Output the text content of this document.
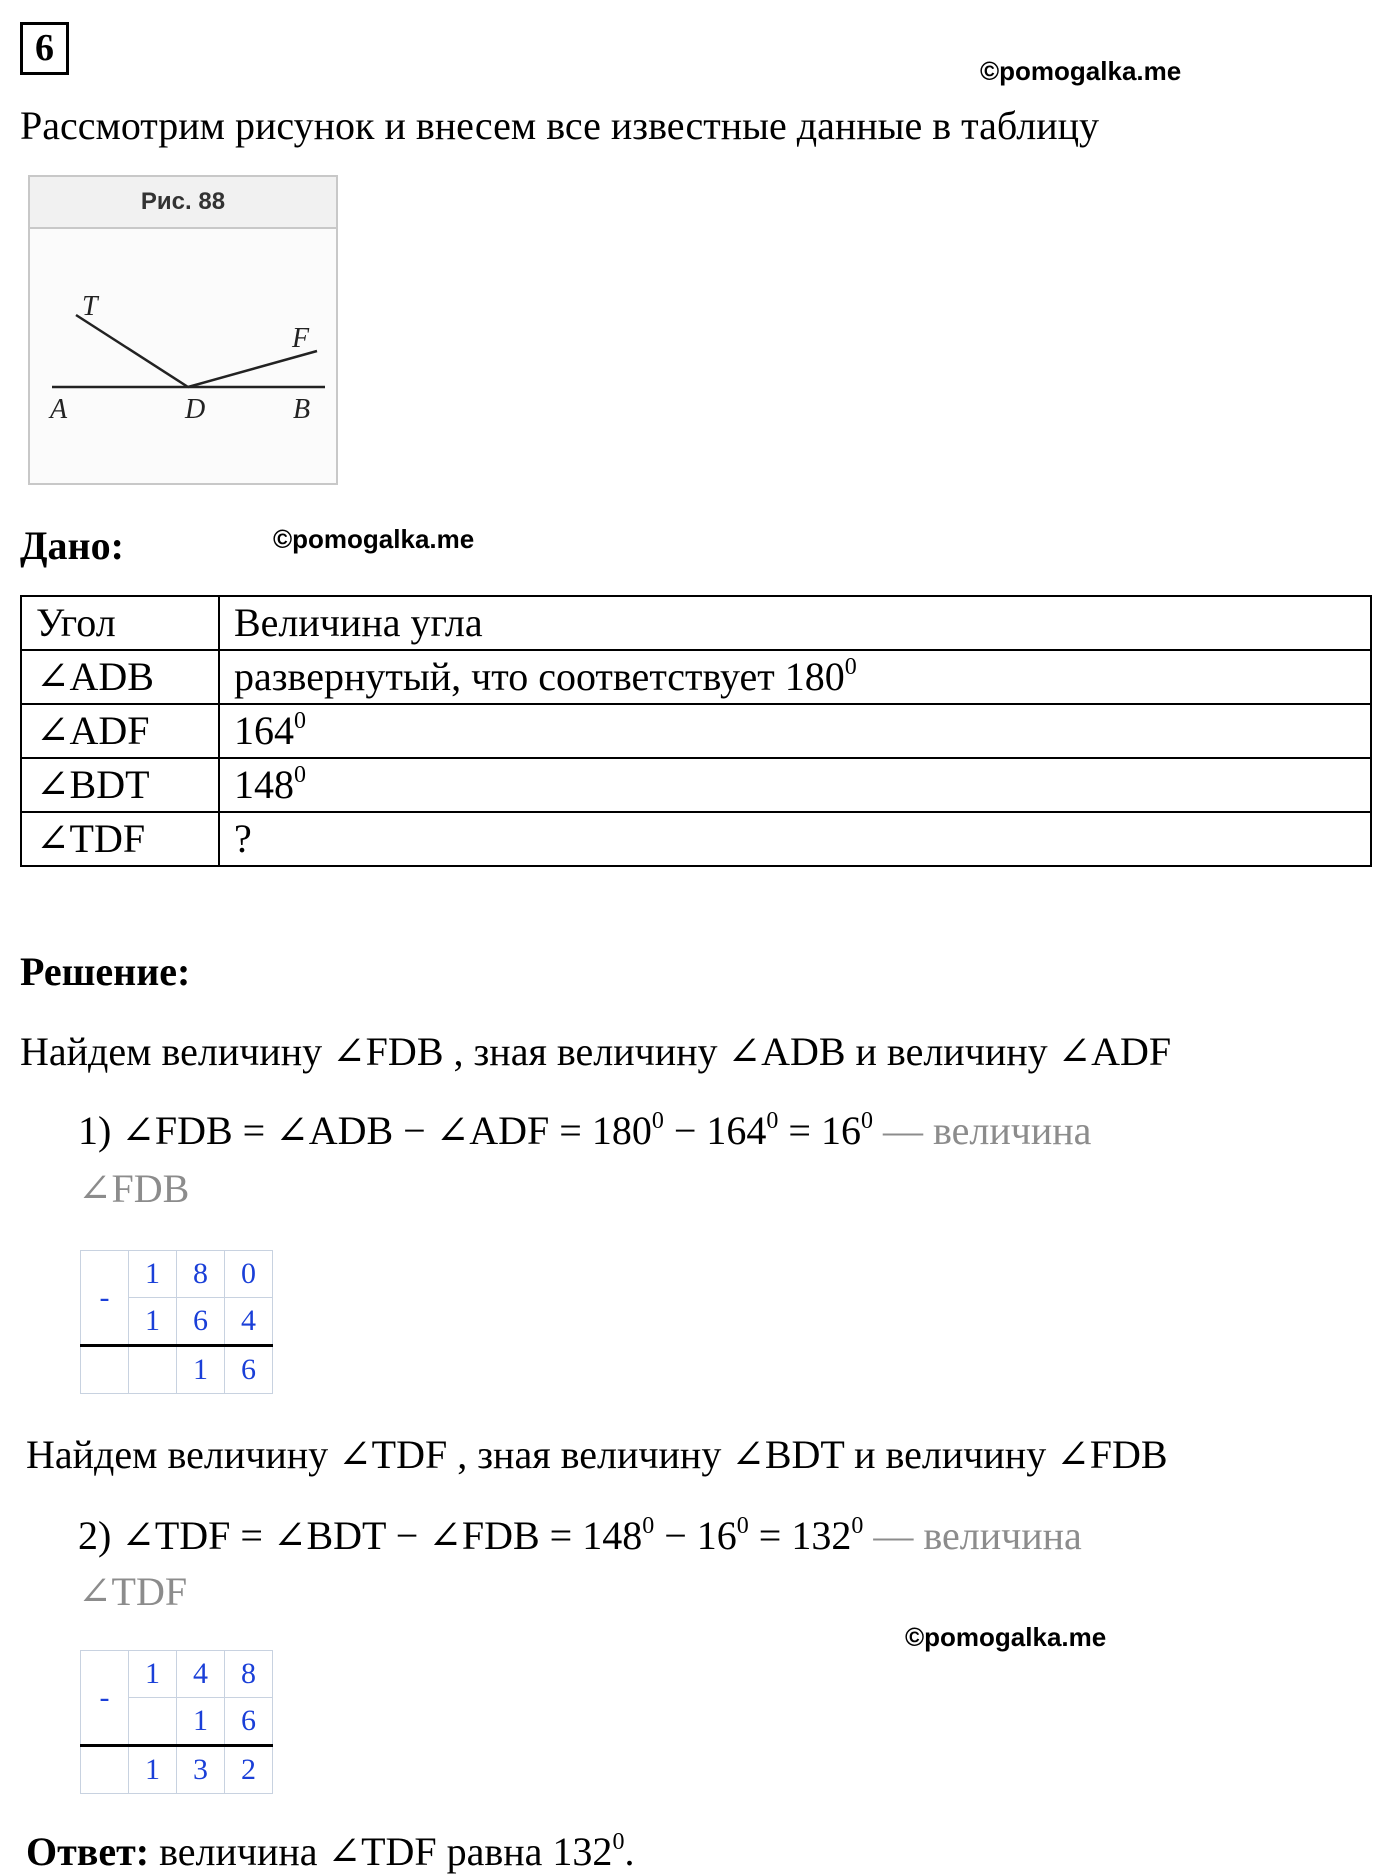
6
©pomogalka.me
Рассмотрим рисунок и внесем все известные данные в таблицу
Рис. 88
T
F
A	D	B
Дано:	©pomogalka.me
Угол	Величина угла
∠ADB	развернутый, что соответствует $180^0$
∠ADF	$164^0$
∠BDT	$148^0$
∠TDF	?
Решение:
Найдем величину ∠FDB , зная величину ∠ADB и величину ∠ADF
1) ∠FDB = ∠ADB − ∠ADF = $180^0 - 164^0 = 16^0$ — величина
∠FDB
-	1	8	0
	1	6	4
		1	6
Найдем величину ∠TDF , зная величину ∠BDT и величину ∠FDB
2) ∠TDF = ∠BDT − ∠FDB = $148^0 - 16^0 = 132^0$ — величина
∠TDF
©pomogalka.me
-	1	4	8
		1	6
	1	3	2
Ответ: величина ∠TDF равна $132^0$.
